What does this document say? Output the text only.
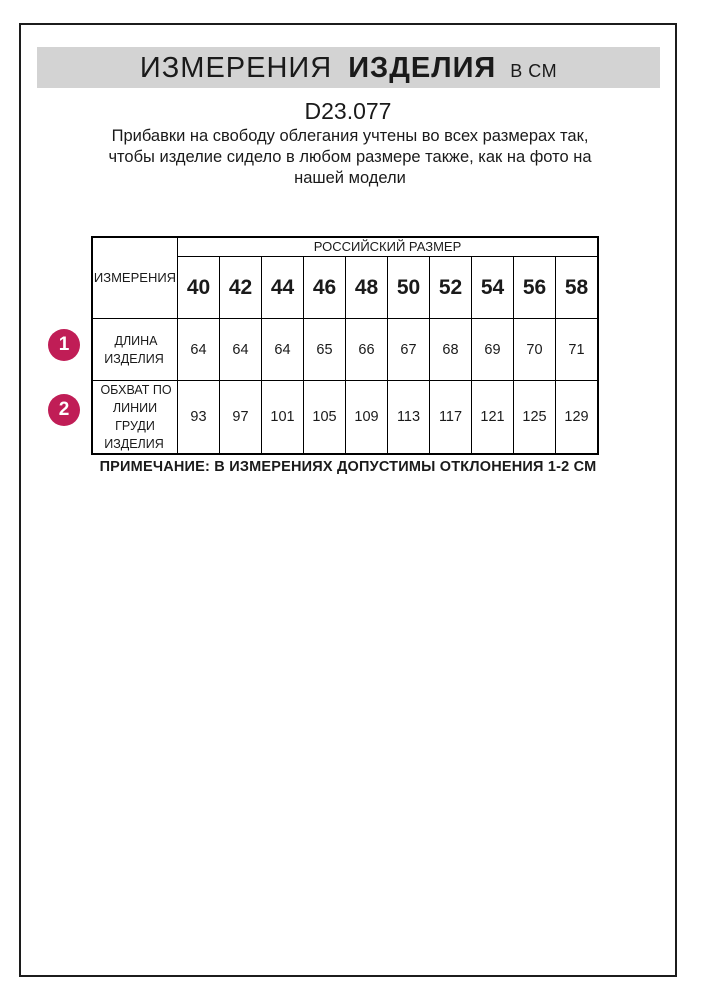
ИЗМЕРЕНИЯ ИЗДЕЛИЯ В СМ
D23.077
Прибавки на свободу облегания учтены во всех размерах так, чтобы изделие сидело в любом размере также, как на фото на нашей модели
1
2
ИЗМЕРЕНИЯ	РОССИЙСКИЙ РАЗМЕР									
	40	42	44	46	48	50	52	54	56	58
ДЛИНА ИЗДЕЛИЯ	64	64	64	65	66	67	68	69	70	71
ОБХВАТ ПО ЛИНИИ ГРУДИ ИЗДЕЛИЯ	93	97	101	105	109	113	117	121	125	129
ПРИМЕЧАНИЕ: В ИЗМЕРЕНИЯХ ДОПУСТИМЫ ОТКЛОНЕНИЯ 1-2 СМ
